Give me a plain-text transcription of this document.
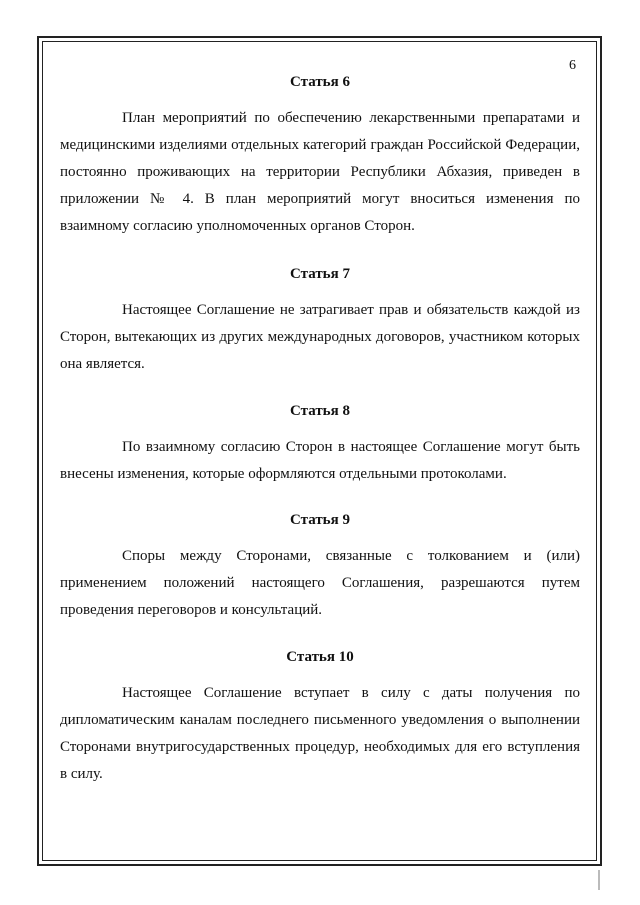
6
Статья 6

План мероприятий по обеспечению лекарственными препаратами и медицинскими изделиями отдельных категорий граждан Российской Федерации, постоянно проживающих на территории Республики Абхазия, приведен в приложении № 4. В план мероприятий могут вноситься изменения по взаимному согласию уполномоченных органов Сторон.

Статья 7

Настоящее Соглашение не затрагивает прав и обязательств каждой из Сторон, вытекающих из других международных договоров, участником которых она является.

Статья 8

По взаимному согласию Сторон в настоящее Соглашение могут быть внесены изменения, которые оформляются отдельными протоколами.

Статья 9

Споры между Сторонами, связанные с толкованием и (или) применением положений настоящего Соглашения, разрешаются путем проведения переговоров и консультаций.

Статья 10

Настоящее Соглашение вступает в силу с даты получения по дипломатическим каналам последнего письменного уведомления о выполнении Сторонами внутригосударственных процедур, необходимых для его вступления в силу.
